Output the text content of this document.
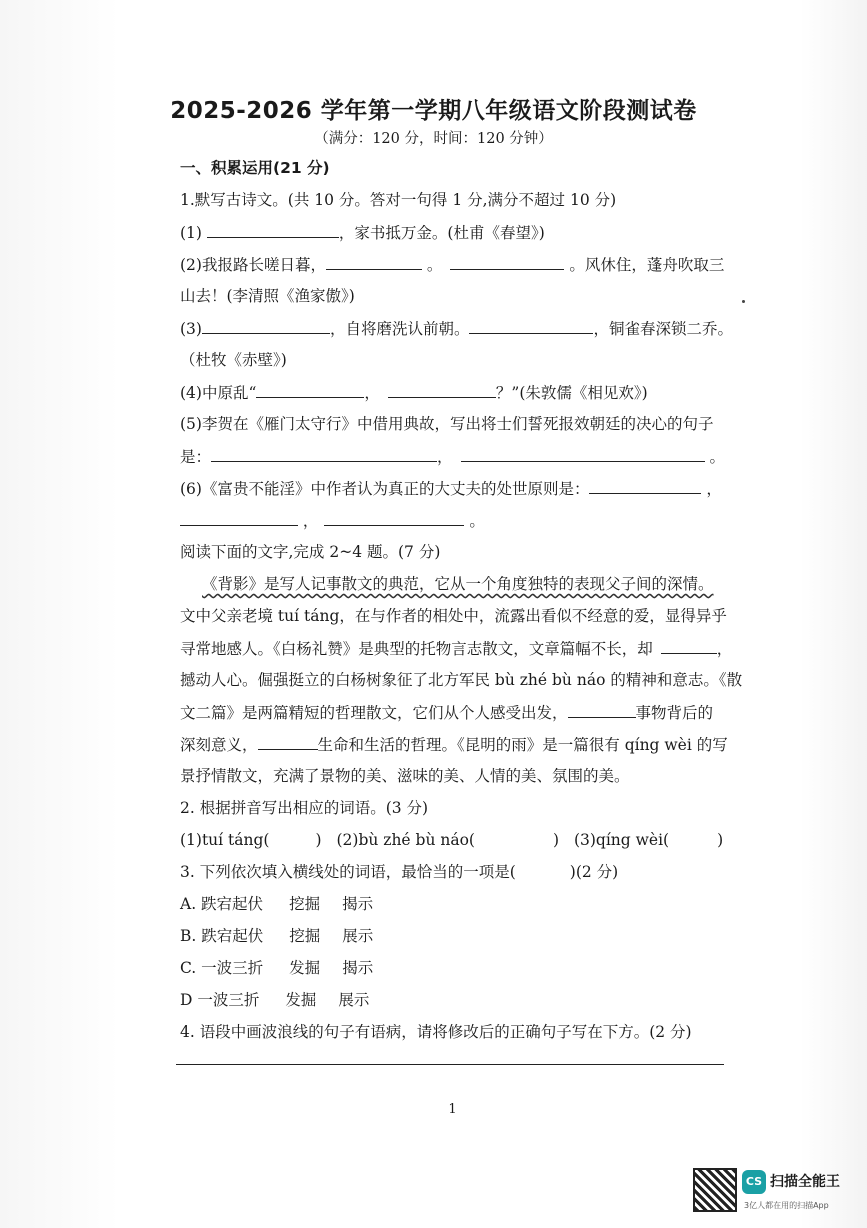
2025-2026 学年第一学期八年级语文阶段测试卷
（满分：120 分，时间：120 分钟）
一、积累运用(21 分)
1.默写古诗文。(共 10 分。答对一句得 1 分,满分不超过 10 分)
(1)	，家书抵万金。(杜甫《春望》)
(2)我报路长嗟日暮，	。	。风休住，蓬舟吹取三
山去！(李清照《渔家傲》)
(3)	，自将磨洗认前朝。	，铜雀春深锁二乔。
（杜牧《赤壁》)
(4)中原乱“	，	？”(朱敦儒《相见欢》)
(5)李贺在《雁门太守行》中借用典故，写出将士们誓死报效朝廷的决心的句子
是：	，	。
(6)《富贵不能淫》中作者认为真正的大丈夫的处世原则是：	，
，	。
阅读下面的文字,完成 2~4 题。(7 分)
《背影》是写人记事散文的典范，它从一个角度独特的表现父子间的深情。
文中父亲老境 tuí táng，在与作者的相处中，流露出看似不经意的爱，显得异乎
寻常地感人。《白杨礼赞》是典型的托物言志散文，文章篇幅不长，却	，
撼动人心。倔强挺立的白杨树象征了北方军民 bù zhé bù náo 的精神和意志。《散
文二篇》是两篇精短的哲理散文，它们从个人感受出发，	事物背后的
深刻意义，	生命和生活的哲理。《昆明的雨》是一篇很有 qíng wèi 的写
景抒情散文，充满了景物的美、滋味的美、人情的美、氛围的美。
2. 根据拼音写出相应的词语。(3 分)
(1)tuí táng(	) (2)bù zhé bù náo(	) (3)qíng wèi(	)
3. 下列依次填入横线处的词语，最恰当的一项是(	)(2 分)
A. 跌宕起伏 挖掘 揭示
B. 跌宕起伏 挖掘 展示
C. 一波三折 发掘 揭示
D 一波三折 发掘 展示
4. 语段中画波浪线的句子有语病，请将修改后的正确句子写在下方。(2 分)
1
CS 扫描全能王
3亿人都在用的扫描App
